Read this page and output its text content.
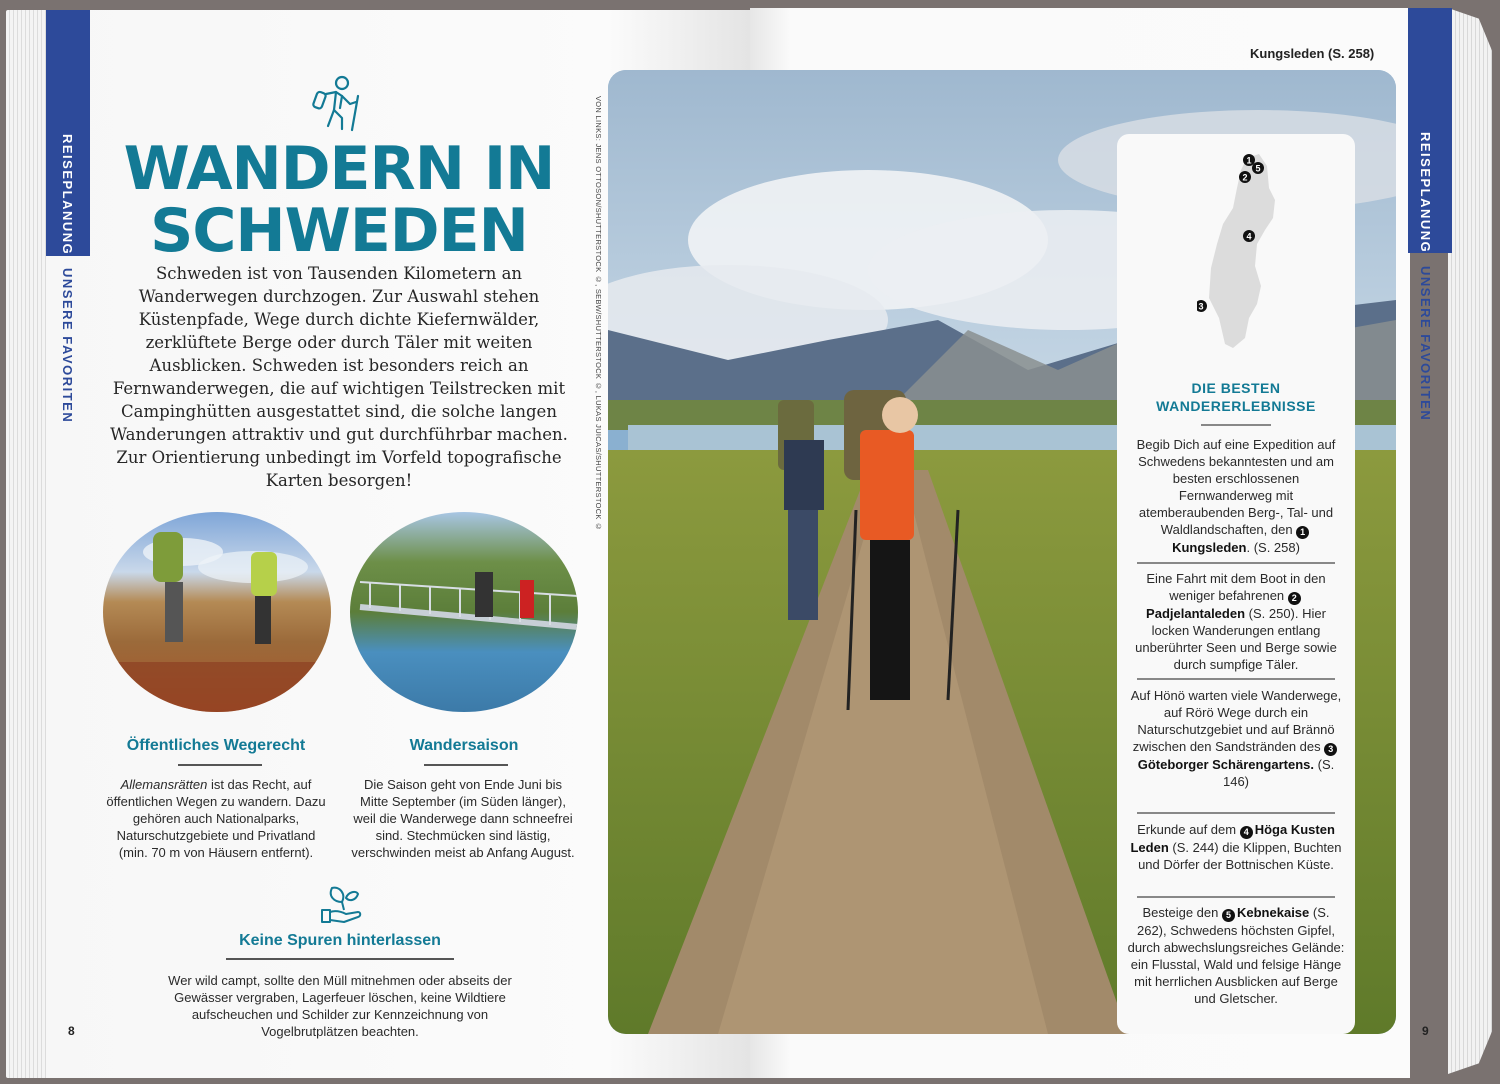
REISEPLANUNG
UNSERE FAVORITEN
WANDERN IN
SCHWEDEN
Schweden ist von Tausenden Kilometern an Wanderwegen durchzogen. Zur Auswahl stehen Küstenpfade, Wege durch dichte Kiefernwälder, zerklüftete Berge oder durch Täler mit weiten Ausblicken. Schweden ist besonders reich an Fernwanderwegen, die auf wichtigen Teilstrecken mit Campinghütten ausgestattet sind, die solche langen Wanderungen attraktiv und gut durchführbar machen. Zur Orientierung unbedingt im Vorfeld topografische Karten besorgen!
Öffentliches Wegerecht
Allemansrätten ist das Recht, auf öffentlichen Wegen zu wandern. Dazu gehören auch Nationalparks, Naturschutzgebiete und Privatland (min. 70 m von Häusern entfernt).
Wandersaison
Die Saison geht von Ende Juni bis Mitte September (im Süden länger), weil die Wanderwege dann schneefrei sind. Stechmücken sind lästig, verschwinden meist ab Anfang August.
Keine Spuren hinterlassen
Wer wild campt, sollte den Müll mitnehmen oder abseits der Gewässer vergraben, Lagerfeuer löschen, keine Wildtiere aufscheuchen und Schilder zur Kennzeichnung von Vogelbrutplätzen beachten.
8
VON LINKS: JENS OTTOSON/SHUTTERSTOCK ©, SEBW/SHUTTERSTOCK ©, LUKAS JUICAS/SHUTTERSTOCK ©
Kungsleden (S. 258)
REISEPLANUNG
UNSERE FAVORITEN
1
5
2
4
3
DIE BESTEN
WANDERERLEBNISSE
Begib Dich auf eine Expedition auf Schwedens bekanntesten und am besten erschlossenen Fernwanderweg mit atemberaubenden Berg-, Tal- und Waldlandschaften, den 1Kungsleden. (S. 258)
Eine Fahrt mit dem Boot in den weniger befahrenen 2Padjelantaleden (S. 250). Hier locken Wanderungen entlang unberührter Seen und Berge sowie durch sumpfige Täler.
Auf Hönö warten viele Wanderwege, auf Rörö Wege durch ein Naturschutzgebiet und auf Brännö zwischen den Sandstränden des 3Göteborger Schärengartens. (S. 146)
Erkunde auf dem 4 Höga Kusten Leden (S. 244) die Klippen, Buchten und Dörfer der Bottnischen Küste.
Besteige den 5 Kebnekaise (S. 262), Schwedens höchsten Gipfel, durch abwechslungsreiches Gelände: ein Flusstal, Wald und felsige Hänge mit herrlichen Ausblicken auf Berge und Gletscher.
9
